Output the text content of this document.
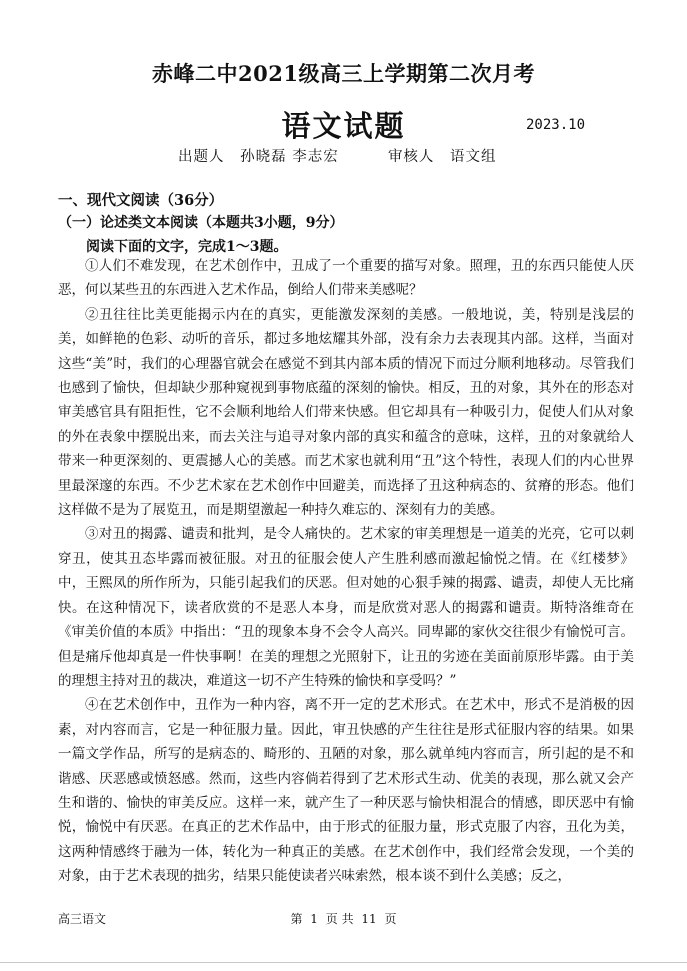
赤峰二中2021级高三上学期第二次月考
语文试题	2023.10
出题人 孙晓磊 李志宏	审核人 语文组
一、现代文阅读（36分）
（一）论述类文本阅读（本题共3小题，9分）
阅读下面的文字，完成1～3题。

①人们不难发现，在艺术创作中，丑成了一个重要的描写对象。照理，丑的东西只能使人厌恶，何以某些丑的东西进入艺术作品，倒给人们带来美感呢？

②丑往往比美更能揭示内在的真实，更能激发深刻的美感。一般地说，美，特别是浅层的美，如鲜艳的色彩、动听的音乐，都过多地炫耀其外部，没有余力去表现其内部。这样，当面对这些“美”时，我们的心理器官就会在感觉不到其内部本质的情况下而过分顺利地移动。尽管我们也感到了愉快，但却缺少那种窥视到事物底蕴的深刻的愉快。相反，丑的对象，其外在的形态对审美感官具有阻拒性，它不会顺利地给人们带来快感。但它却具有一种吸引力，促使人们从对象的外在表象中摆脱出来，而去关注与追寻对象内部的真实和蕴含的意味，这样，丑的对象就给人带来一种更深刻的、更震撼人心的美感。而艺术家也就利用“丑”这个特性，表现人们的内心世界里最深邃的东西。不少艺术家在艺术创作中回避美，而选择了丑这种病态的、贫瘠的形态。他们这样做不是为了展览丑，而是期望激起一种持久难忘的、深刻有力的美感。

③对丑的揭露、谴责和批判，是令人痛快的。艺术家的审美理想是一道美的光亮，它可以刺穿丑，使其丑态毕露而被征服。对丑的征服会使人产生胜利感而激起愉悦之情。在《红楼梦》中，王熙凤的所作所为，只能引起我们的厌恶。但对她的心狠手辣的揭露、谴责，却使人无比痛快。在这种情况下，读者欣赏的不是恶人本身，而是欣赏对恶人的揭露和谴责。斯特洛维奇在《审美价值的本质》中指出：“丑的现象本身不会令人高兴。同卑鄙的家伙交往很少有愉悦可言。但是痛斥他却真是一件快事啊！在美的理想之光照射下，让丑的劣迹在美面前原形毕露。由于美的理想主持对丑的裁决，难道这一切不产生特殊的愉快和享受吗？”

④在艺术创作中，丑作为一种内容，离不开一定的艺术形式。在艺术中，形式不是消极的因素，对内容而言，它是一种征服力量。因此，审丑快感的产生往往是形式征服内容的结果。如果一篇文学作品，所写的是病态的、畸形的、丑陋的对象，那么就单纯内容而言，所引起的是不和谐感、厌恶感或愤怒感。然而，这些内容倘若得到了艺术形式生动、优美的表现，那么就又会产生和谐的、愉快的审美反应。这样一来，就产生了一种厌恶与愉快相混合的情感，即厌恶中有愉悦，愉悦中有厌恶。在真正的艺术作品中，由于形式的征服力量，形式克服了内容，丑化为美，这两种情感终于融为一体，转化为一种真正的美感。在艺术创作中，我们经常会发现，一个美的对象，由于艺术表现的拙劣，结果只能使读者兴味索然，根本谈不到什么美感；反之，

高三语文	第 1 页 共 11 页
